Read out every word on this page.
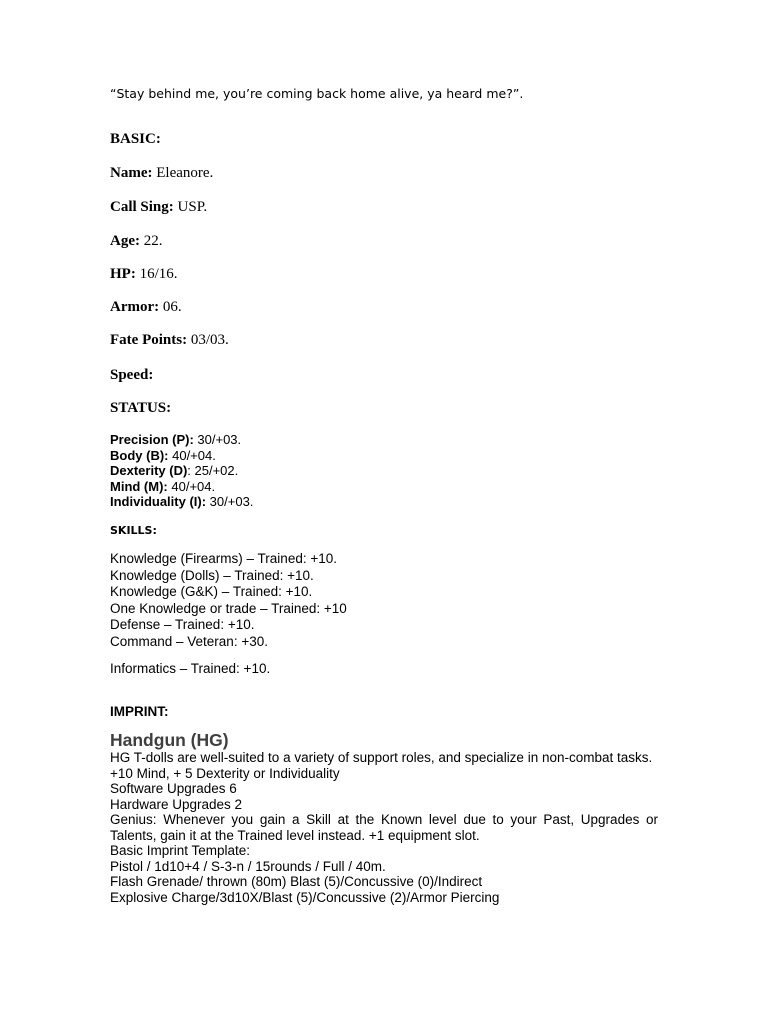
“Stay behind me, you’re coming back home alive, ya heard me?”.
BASIC:
Name: Eleanore.
Call Sing: USP.
Age: 22.
HP: 16/16.
Armor: 06.
Fate Points: 03/03.
Speed:
STATUS:
Precision (P): 30/+03.
Body (B): 40/+04.
Dexterity (D): 25/+02.
Mind (M): 40/+04.
Individuality (I): 30/+03.
SKILLS:
Knowledge (Firearms) – Trained: +10.
Knowledge (Dolls) – Trained: +10.
Knowledge (G&K) – Trained: +10.
One Knowledge or trade – Trained: +10
Defense – Trained: +10.
Command – Veteran: +30.
Informatics – Trained: +10.
IMPRINT:
Handgun (HG)

HG T-dolls are well-suited to a variety of support roles, and specialize in non-combat tasks.

+10 Mind, + 5 Dexterity or Individuality

Software Upgrades 6

Hardware Upgrades 2

Genius: Whenever you gain a Skill at the Known level due to your Past, Upgrades or Talents, gain it at the Trained level instead. +1 equipment slot.

Basic Imprint Template:

Pistol / 1d10+4 / S-3-n / 15rounds / Full / 40m.

Flash Grenade/ thrown (80m) Blast (5)/Concussive (0)/Indirect

Explosive Charge/3d10X/Blast (5)/Concussive (2)/Armor Piercing
